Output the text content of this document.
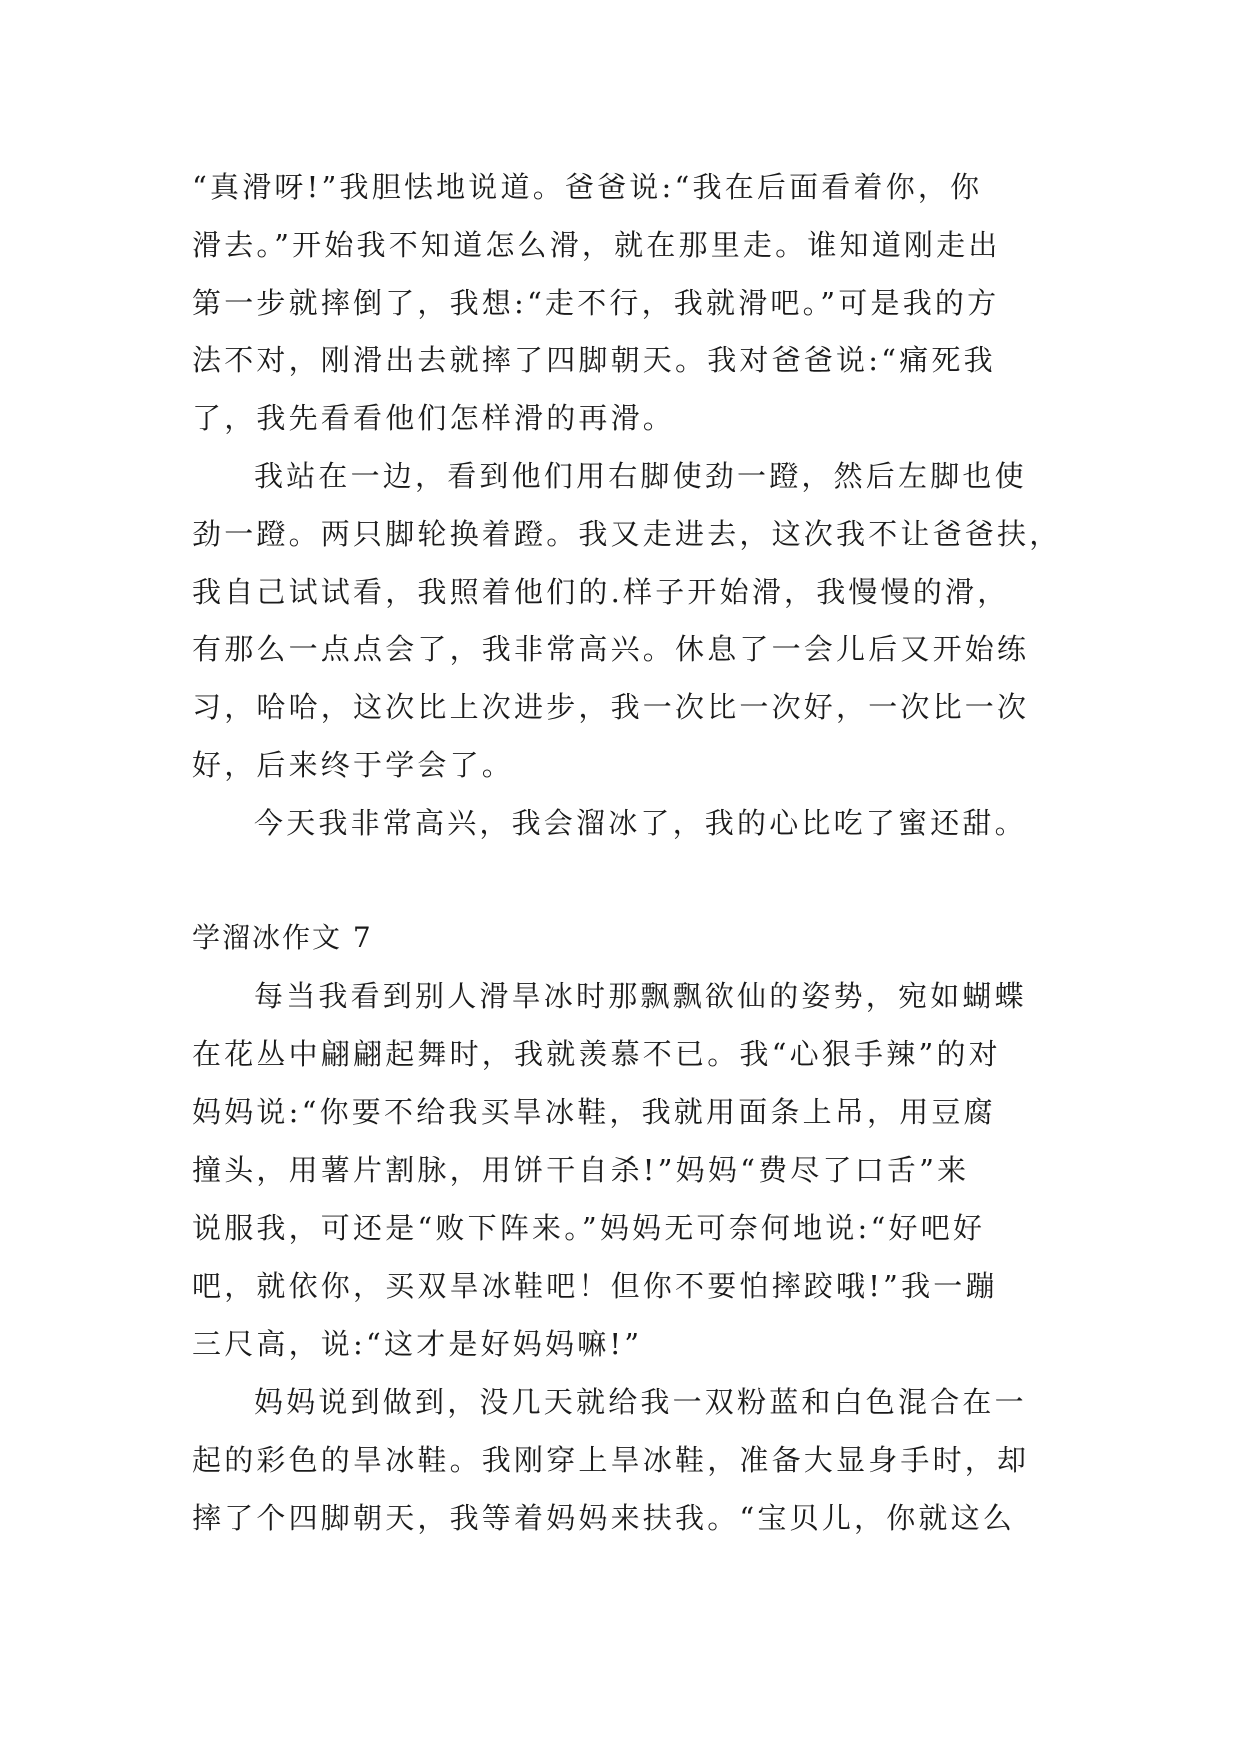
“真滑呀!”我胆怯地说道。爸爸说:“我在后面看着你，你
滑去。”开始我不知道怎么滑，就在那里走。谁知道刚走出
第一步就摔倒了，我想:“走不行，我就滑吧。”可是我的方
法不对，刚滑出去就摔了四脚朝天。我对爸爸说:“痛死我
了，我先看看他们怎样滑的再滑。
我站在一边，看到他们用右脚使劲一蹬，然后左脚也使
劲一蹬。两只脚轮换着蹬。我又走进去，这次我不让爸爸扶，
我自己试试看，我照着他们的.样子开始滑，我慢慢的滑，
有那么一点点会了，我非常高兴。休息了一会儿后又开始练
习，哈哈，这次比上次进步，我一次比一次好，一次比一次
好，后来终于学会了。
今天我非常高兴，我会溜冰了，我的心比吃了蜜还甜。
学溜冰作文 7
每当我看到别人滑旱冰时那飘飘欲仙的姿势，宛如蝴蝶
在花丛中翩翩起舞时，我就羡慕不已。我“心狠手辣”的对
妈妈说:“你要不给我买旱冰鞋，我就用面条上吊，用豆腐
撞头，用薯片割脉，用饼干自杀!”妈妈“费尽了口舌”来
说服我，可还是“败下阵来。”妈妈无可奈何地说:“好吧好
吧，就依你，买双旱冰鞋吧！但你不要怕摔跤哦!”我一蹦
三尺高，说:“这才是好妈妈嘛!”
妈妈说到做到，没几天就给我一双粉蓝和白色混合在一
起的彩色的旱冰鞋。我刚穿上旱冰鞋，准备大显身手时，却
摔了个四脚朝天，我等着妈妈来扶我。“宝贝儿，你就这么
